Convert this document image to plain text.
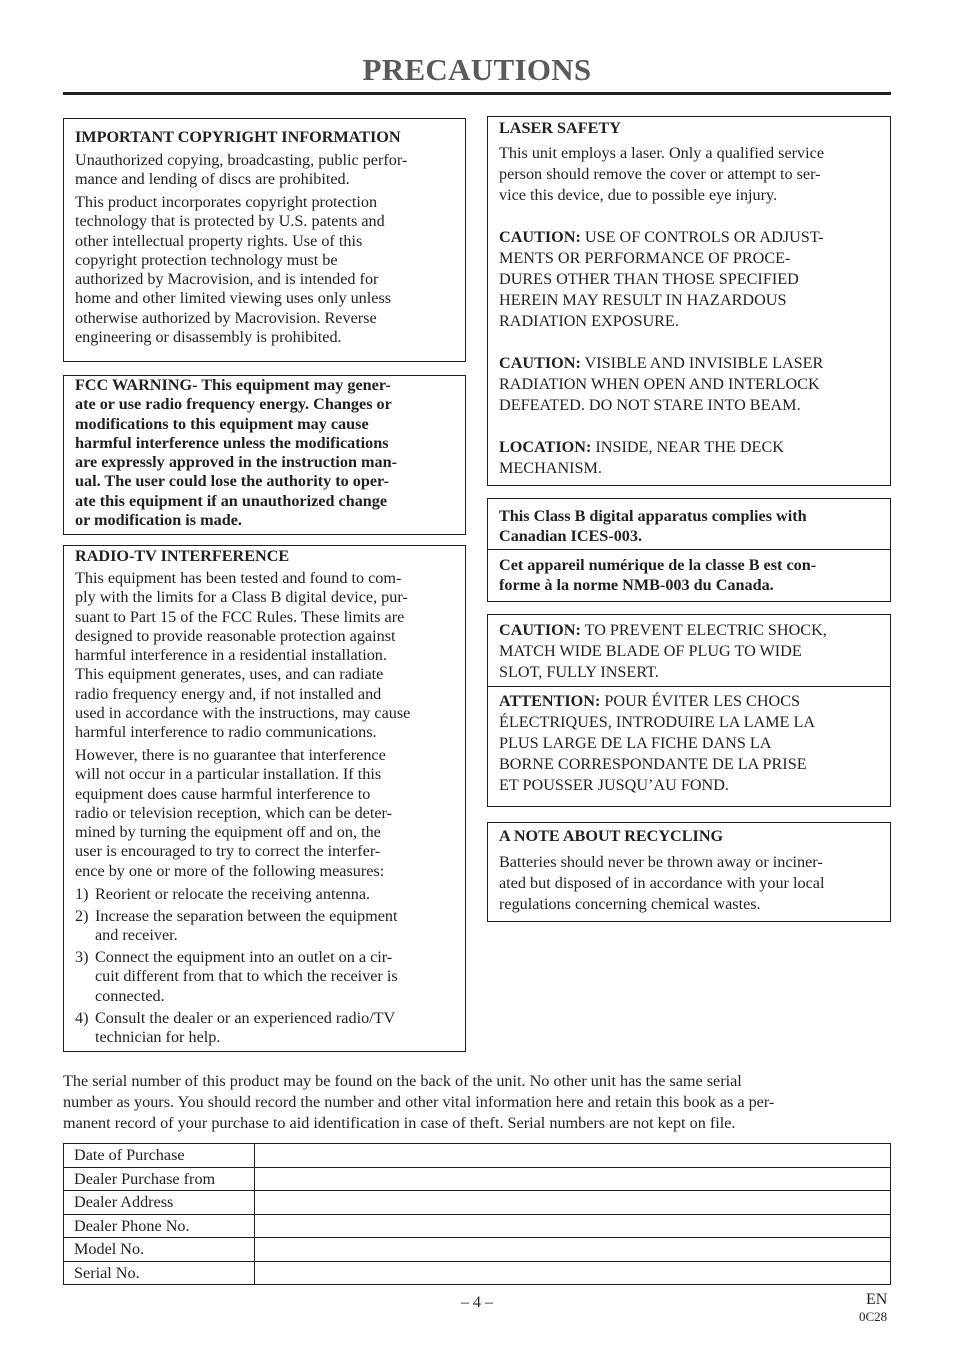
PRECAUTIONS
IMPORTANT COPYRIGHT INFORMATION
Unauthorized copying, broadcasting, public perfor-
mance and lending of discs are prohibited.
This product incorporates copyright protection
technology that is protected by U.S. patents and
other intellectual property rights. Use of this
copyright protection technology must be
authorized by Macrovision, and is intended for
home and other limited viewing uses only unless
otherwise authorized by Macrovision. Reverse
engineering or disassembly is prohibited.
FCC WARNING- This equipment may gener-
ate or use radio frequency energy. Changes or
modifications to this equipment may cause
harmful interference unless the modifications
are expressly approved in the instruction man-
ual. The user could lose the authority to oper-
ate this equipment if an unauthorized change
or modification is made.
RADIO-TV INTERFERENCE
This equipment has been tested and found to com-
ply with the limits for a Class B digital device, pur-
suant to Part 15 of the FCC Rules. These limits are
designed to provide reasonable protection against
harmful interference in a residential installation.
This equipment generates, uses, and can radiate
radio frequency energy and, if not installed and
used in accordance with the instructions, may cause
harmful interference to radio communications.
However, there is no guarantee that interference
will not occur in a particular installation. If this
equipment does cause harmful interference to
radio or television reception, which can be deter-
mined by turning the equipment off and on, the
user is encouraged to try to correct the interfer-
ence by one or more of the following measures:
1) Reorient or relocate the receiving antenna.
2) Increase the separation between the equipment
and receiver.
3) Connect the equipment into an outlet on a cir-
cuit different from that to which the receiver is
connected.
4) Consult the dealer or an experienced radio/TV
technician for help.
LASER SAFETY
This unit employs a laser. Only a qualified service
person should remove the cover or attempt to ser-
vice this device, due to possible eye injury.
CAUTION: USE OF CONTROLS OR ADJUST-
MENTS OR PERFORMANCE OF PROCE-
DURES OTHER THAN THOSE SPECIFIED
HEREIN MAY RESULT IN HAZARDOUS
RADIATION EXPOSURE.
CAUTION: VISIBLE AND INVISIBLE LASER
RADIATION WHEN OPEN AND INTERLOCK
DEFEATED. DO NOT STARE INTO BEAM.
LOCATION: INSIDE, NEAR THE DECK
MECHANISM.
This Class B digital apparatus complies with
Canadian ICES-003.
Cet appareil numérique de la classe B est con-
forme à la norme NMB-003 du Canada.
CAUTION: TO PREVENT ELECTRIC SHOCK,
MATCH WIDE BLADE OF PLUG TO WIDE
SLOT, FULLY INSERT.
ATTENTION: POUR ÉVITER LES CHOCS
ÉLECTRIQUES, INTRODUIRE LA LAME LA
PLUS LARGE DE LA FICHE DANS LA
BORNE CORRESPONDANTE DE LA PRISE
ET POUSSER JUSQU’AU FOND.
A NOTE ABOUT RECYCLING
Batteries should never be thrown away or inciner-
ated but disposed of in accordance with your local
regulations concerning chemical wastes.
The serial number of this product may be found on the back of the unit. No other unit has the same serial
number as yours. You should record the number and other vital information here and retain this book as a per-
manent record of your purchase to aid identification in case of theft. Serial numbers are not kept on file.
Date of Purchase	
Dealer Purchase from	
Dealer Address	
Dealer Phone No.	
Model No.	
Serial No.	
– 4 –	EN
0C28
